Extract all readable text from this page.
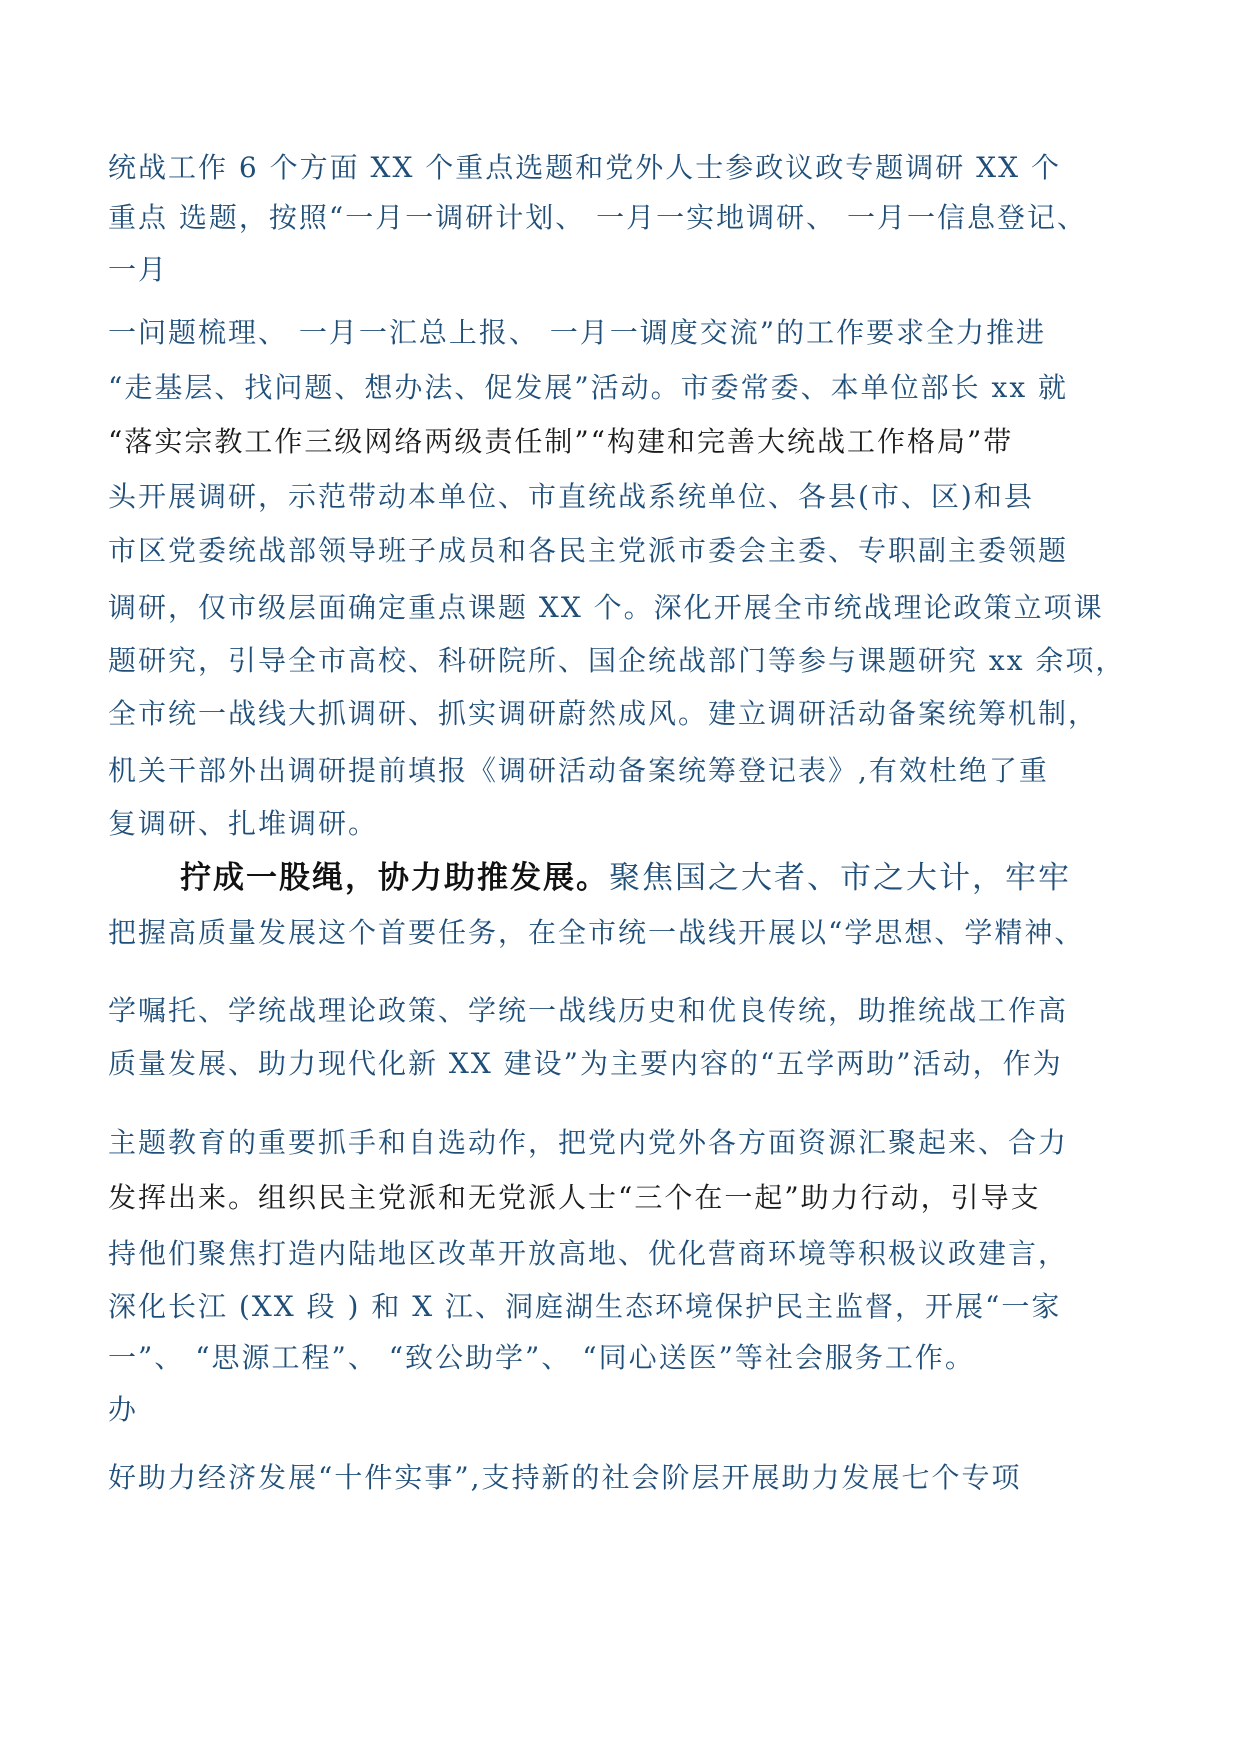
统战工作 6 个方面 XX 个重点选题和党外人士参政议政专题调研 XX 个
重点 选题，按照“一月一调研计划、 一月一实地调研、 一月一信息登记、
一月
一问题梳理、 一月一汇总上报、 一月一调度交流”的工作要求全力推进
“走基层、找问题、想办法、促发展”活动。市委常委、本单位部长 xx 就
“落实宗教工作三级网络两级责任制”“构建和完善大统战工作格局”带
头开展调研，示范带动本单位、市直统战系统单位、各县(市、区)和县
市区党委统战部领导班子成员和各民主党派市委会主委、专职副主委领题
调研，仅市级层面确定重点课题 XX 个。深化开展全市统战理论政策立项课
题研究，引导全市高校、科研院所、国企统战部门等参与课题研究 xx 余项，
全市统一战线大抓调研、抓实调研蔚然成风。建立调研活动备案统筹机制，
机关干部外出调研提前填报《调研活动备案统筹登记表》,有效杜绝了重
复调研、扎堆调研。
拧成一股绳，协力助推发展。聚焦国之大者、市之大计，牢牢
把握高质量发展这个首要任务，在全市统一战线开展以“学思想、学精神、
学嘱托、学统战理论政策、学统一战线历史和优良传统，助推统战工作高
质量发展、助力现代化新 XX 建设”为主要内容的“五学两助”活动，作为
主题教育的重要抓手和自选动作，把党内党外各方面资源汇聚起来、合力
发挥出来。组织民主党派和无党派人士“三个在一起”助力行动，引导支
持他们聚焦打造内陆地区改革开放高地、优化营商环境等积极议政建言，
深化长江 (XX 段 ) 和 X 江、洞庭湖生态环境保护民主监督，开展“一家
一”、 “思源工程”、 “致公助学”、 “同心送医”等社会服务工作。
办
好助力经济发展“十件实事”,支持新的社会阶层开展助力发展七个专项
